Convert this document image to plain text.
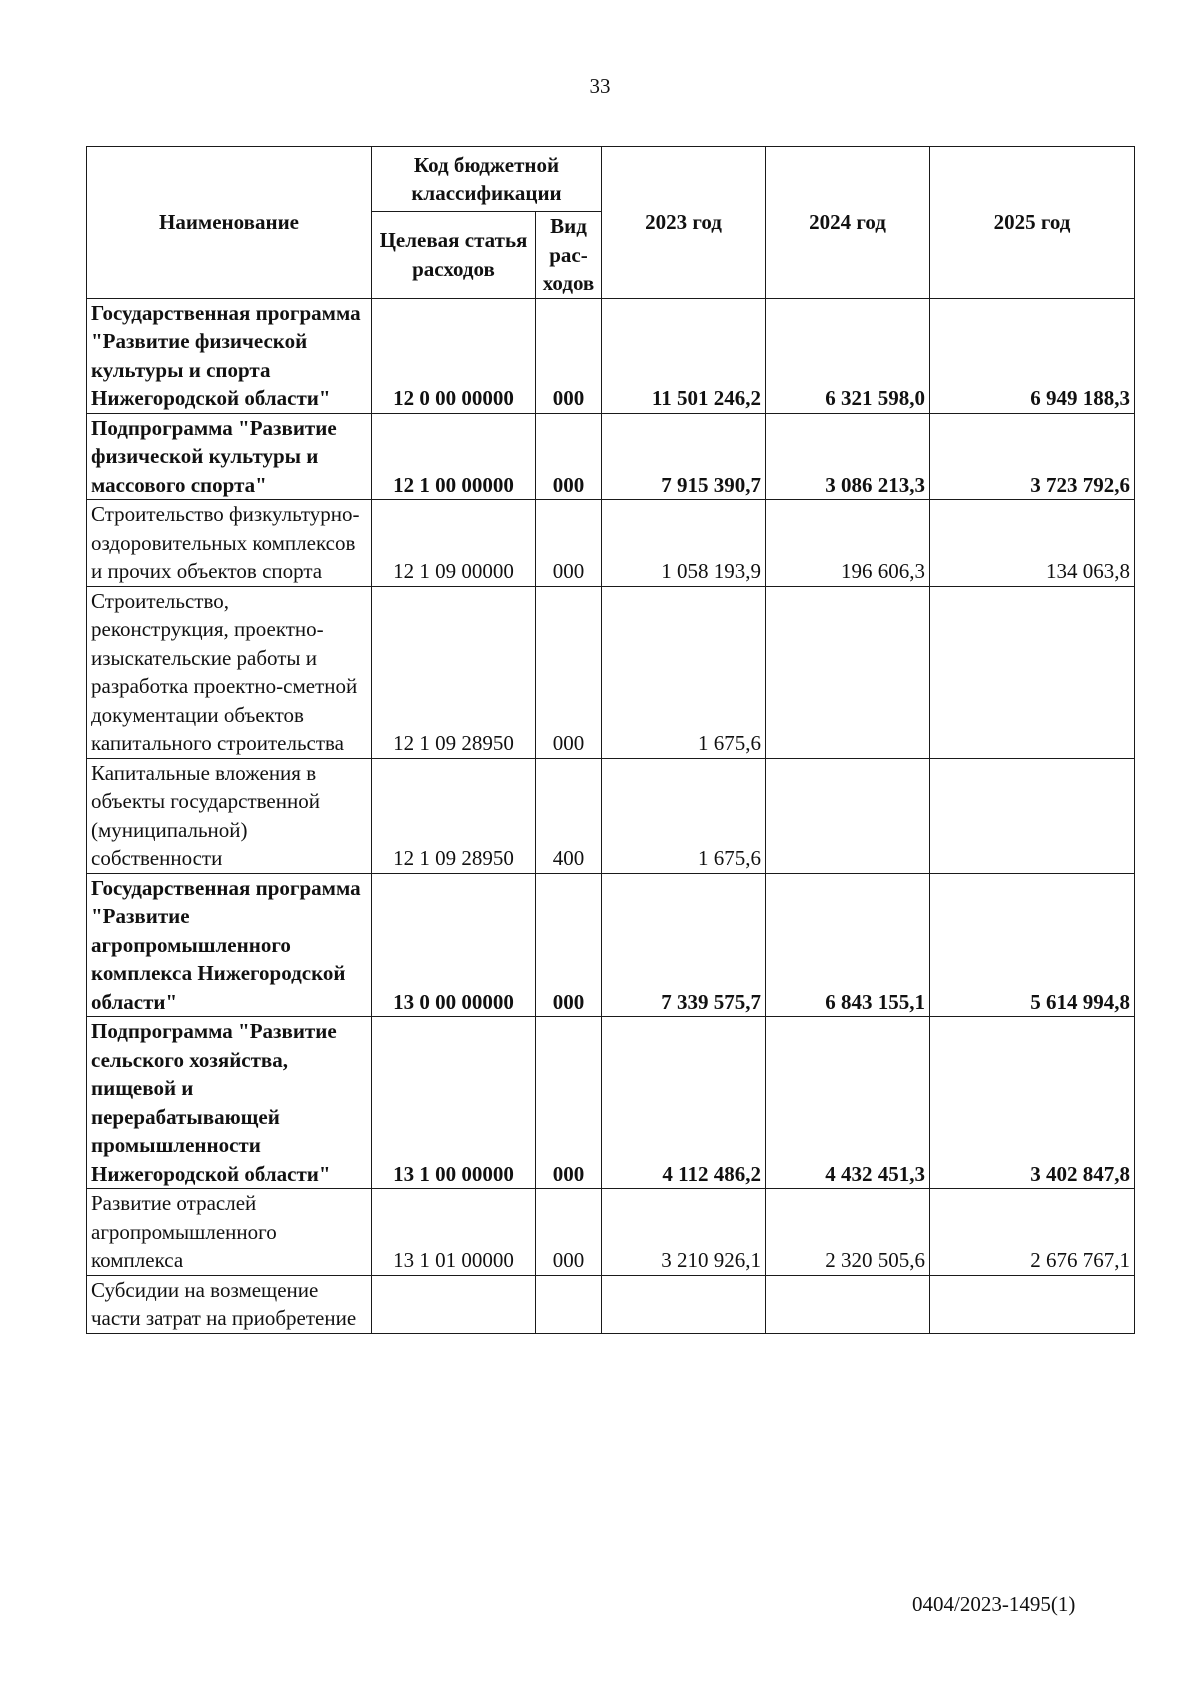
33
Наименование	Код бюджетной классификации		2023 год	2024 год	2025 год
	Целевая статья расходов	Вид рас-ходов			
Государственная программа "Развитие физической культуры и спорта Нижегородской области"	12 0 00 00000	000	11 501 246,2	6 321 598,0	6 949 188,3
Подпрограмма "Развитие физической культуры и массового спорта"	12 1 00 00000	000	7 915 390,7	3 086 213,3	3 723 792,6
Строительство физкультурно-оздоровительных комплексов и прочих объектов спорта	12 1 09 00000	000	1 058 193,9	196 606,3	134 063,8
Строительство, реконструкция, проектно-изыскательские работы и разработка проектно-сметной документации объектов капитального строительства	12 1 09 28950	000	1 675,6		
Капитальные вложения в объекты государственной (муниципальной) собственности	12 1 09 28950	400	1 675,6		
Государственная программа "Развитие агропромышленного комплекса Нижегородской области"	13 0 00 00000	000	7 339 575,7	6 843 155,1	5 614 994,8
Подпрограмма "Развитие сельского хозяйства, пищевой и перерабатывающей промышленности Нижегородской области"	13 1 00 00000	000	4 112 486,2	4 432 451,3	3 402 847,8
Развитие отраслей агропромышленного комплекса	13 1 01 00000	000	3 210 926,1	2 320 505,6	2 676 767,1
Субсидии на возмещение части затрат на приобретение					
0404/2023-1495(1)
